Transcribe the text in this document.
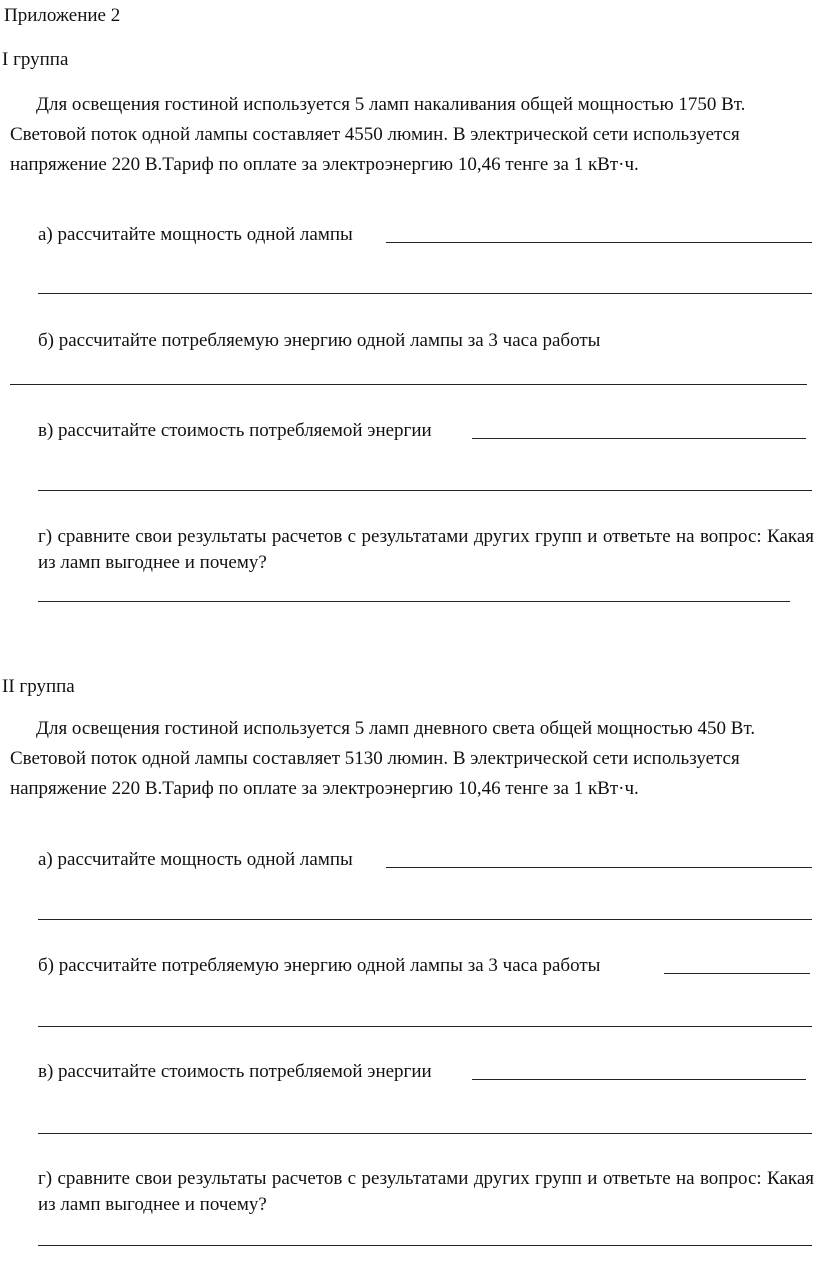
Приложение 2
I группа
Для освещения гостиной используется 5 ламп накаливания общей мощностью 1750 Вт. Световой поток одной лампы составляет 4550 люмин. В электрической сети используется напряжение 220 В.Тариф по оплате за электроэнергию 10,46 тенге за 1 кВт·ч.
а) рассчитайте мощность одной лампы
б) рассчитайте потребляемую энергию одной лампы за 3 часа работы
в) рассчитайте стоимость потребляемой энергии
г) сравните свои результаты расчетов с результатами других групп и ответьте на вопрос: Какая из ламп выгоднее и почему?
II группа
Для освещения гостиной используется 5 ламп дневного света общей мощностью 450 Вт. Световой поток одной лампы составляет 5130 люмин. В электрической сети используется напряжение 220 В.Тариф по оплате за электроэнергию 10,46 тенге за 1 кВт·ч.
а) рассчитайте мощность одной лампы
б) рассчитайте потребляемую энергию одной лампы за 3 часа работы
в) рассчитайте стоимость потребляемой энергии
г) сравните свои результаты расчетов с результатами других групп и ответьте на вопрос: Какая из ламп выгоднее и почему?
